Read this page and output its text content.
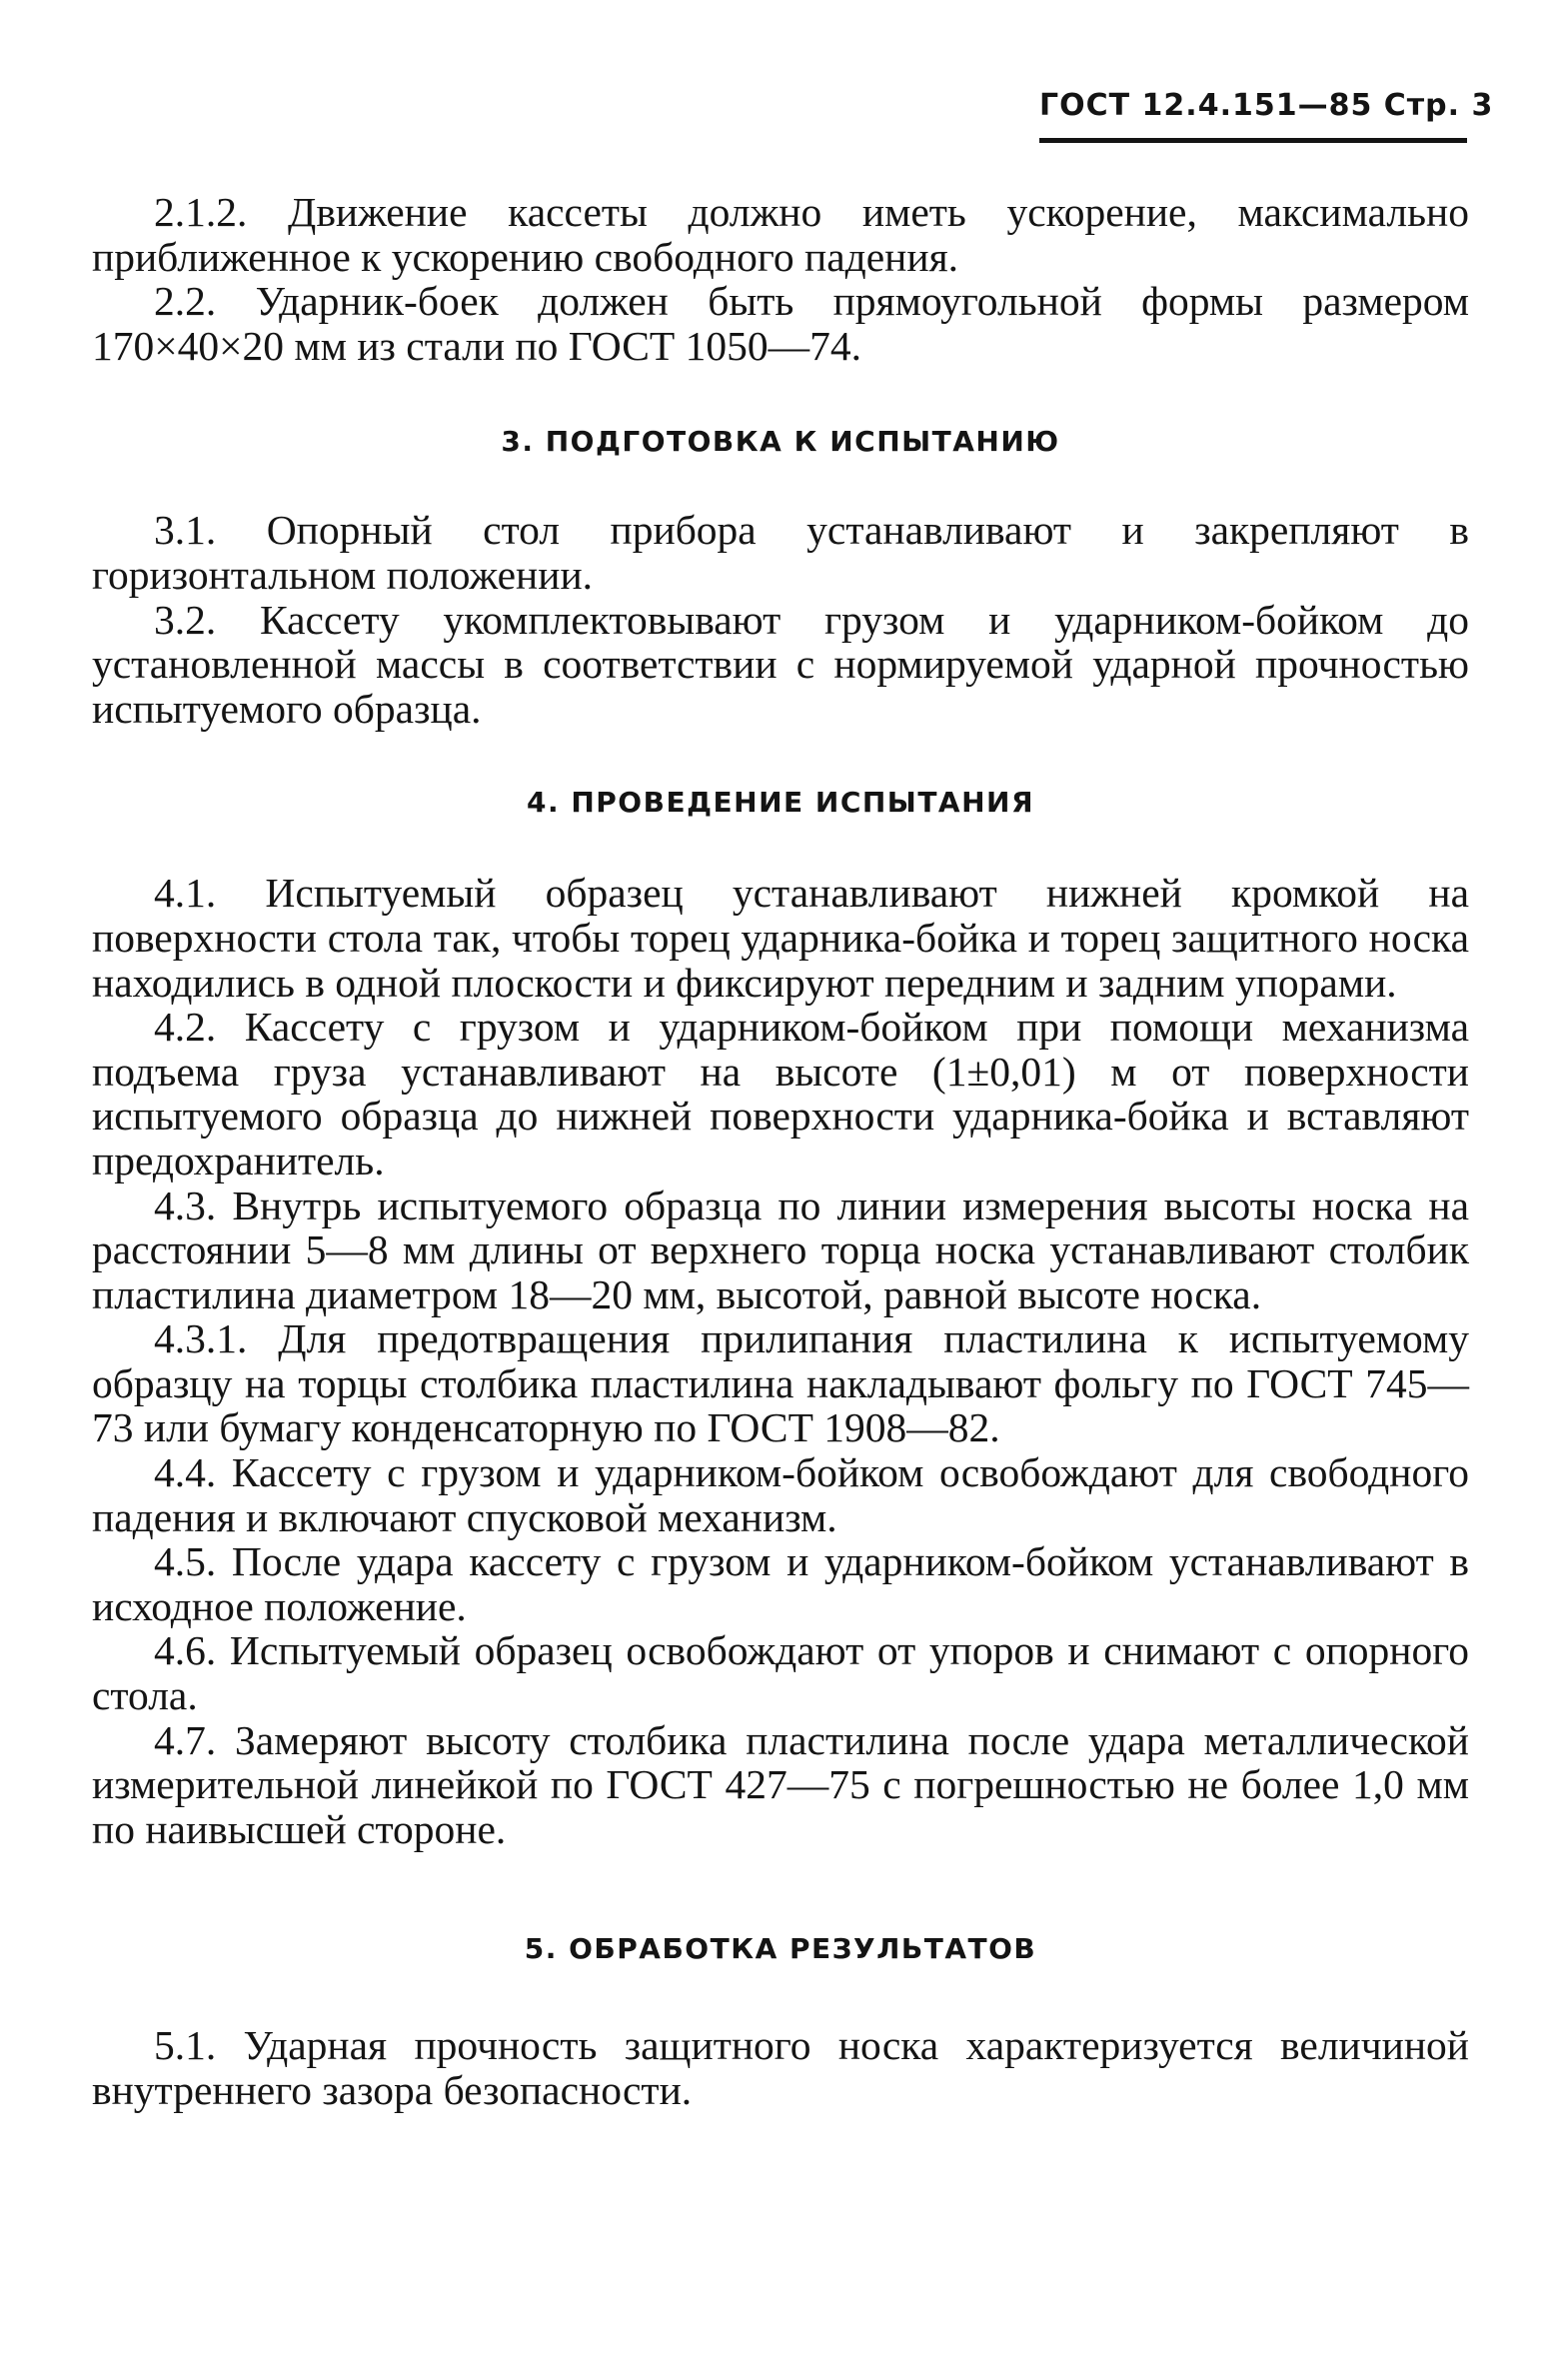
ГОСТ 12.4.151—85 Стр. 3

2.1.2. Движение кассеты должно иметь ускорение, максимально приближенное к ускорению свободного падения.

2.2. Ударник-боек должен быть прямоугольной формы размером 170×40×20 мм из стали по ГОСТ 1050—74.

3. ПОДГОТОВКА К ИСПЫТАНИЮ

3.1. Опорный стол прибора устанавливают и закрепляют в горизонтальном положении.

3.2. Кассету укомплектовывают грузом и ударником-бойком до установленной массы в соответствии с нормируемой ударной прочностью испытуемого образца.

4. ПРОВЕДЕНИЕ ИСПЫТАНИЯ

4.1. Испытуемый образец устанавливают нижней кромкой на поверхности стола так, чтобы торец ударника-бойка и торец защитного носка находились в одной плоскости и фиксируют передним и задним упорами.

4.2. Кассету с грузом и ударником-бойком при помощи механизма подъема груза устанавливают на высоте (1±0,01) м от поверхности испытуемого образца до нижней поверхности ударника-бойка и вставляют предохранитель.

4.3. Внутрь испытуемого образца по линии измерения высоты носка на расстоянии 5—8 мм длины от верхнего торца носка устанавливают столбик пластилина диаметром 18—20 мм, высотой, равной высоте носка.

4.3.1. Для предотвращения прилипания пластилина к испытуемому образцу на торцы столбика пластилина накладывают фольгу по ГОСТ 745—73 или бумагу конденсаторную по ГОСТ 1908—82.

4.4. Кассету с грузом и ударником-бойком освобождают для свободного падения и включают спусковой механизм.

4.5. После удара кассету с грузом и ударником-бойком устанавливают в исходное положение.

4.6. Испытуемый образец освобождают от упоров и снимают с опорного стола.

4.7. Замеряют высоту столбика пластилина после удара металлической измерительной линейкой по ГОСТ 427—75 с погрешностью не более 1,0 мм по наивысшей стороне.

5. ОБРАБОТКА РЕЗУЛЬТАТОВ

5.1. Ударная прочность защитного носка характеризуется величиной внутреннего зазора безопасности.
